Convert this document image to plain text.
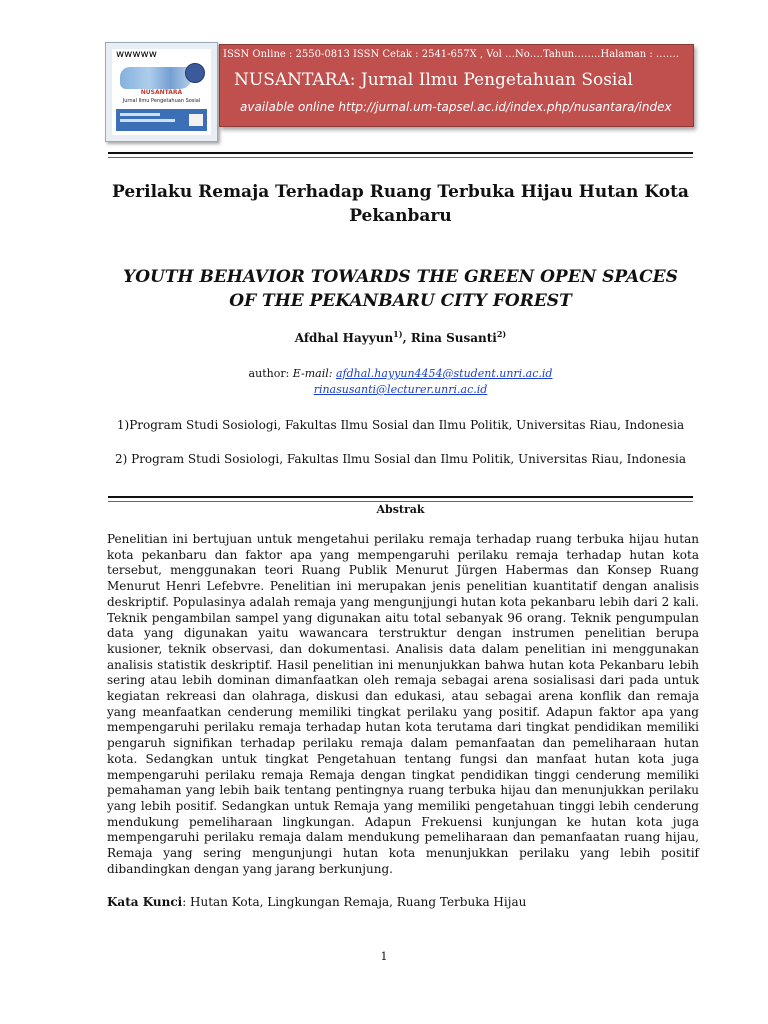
wwwww
NUSANTARA
Jurnal Ilmu Pengetahuan Sosial
ISSN Online : 2550-0813 ISSN Cetak : 2541-657X , Vol …No….Tahun……..Halaman : …….
NUSANTARA: Jurnal Ilmu Pengetahuan Sosial
available online http://jurnal.um-tapsel.ac.id/index.php/nusantara/index
Perilaku Remaja Terhadap Ruang Terbuka Hijau Hutan Kota Pekanbaru
YOUTH BEHAVIOR TOWARDS THE GREEN OPEN SPACES OF THE PEKANBARU CITY FOREST
Afdhal Hayyun$^{1)}$, Rina Susanti$^{2)}$
author: E-mail: afdhal.hayyun4454@student.unri.ac.id
rinasusanti@lecturer.unri.ac.id
1)Program Studi Sosiologi, Fakultas Ilmu Sosial dan Ilmu Politik, Universitas Riau, Indonesia
2) Program Studi Sosiologi, Fakultas Ilmu Sosial dan Ilmu Politik, Universitas Riau, Indonesia
Abstrak

Penelitian ini bertujuan untuk mengetahui perilaku remaja terhadap ruang terbuka hijau hutan kota pekanbaru dan faktor apa yang mempengaruhi perilaku remaja terhadap hutan kota tersebut, menggunakan teori Ruang Publik Menurut Jürgen Habermas dan Konsep Ruang Menurut Henri Lefebvre. Penelitian ini merupakan jenis penelitian kuantitatif dengan analisis deskriptif. Populasinya adalah remaja yang mengunjjungi hutan kota pekanbaru lebih dari 2 kali. Teknik pengambilan sampel yang digunakan aitu total sebanyak 96 orang. Teknik pengumpulan data yang digunakan yaitu wawancara terstruktur dengan instrumen penelitian berupa kusioner, teknik observasi, dan dokumentasi. Analisis data dalam penelitian ini menggunakan analisis statistik deskriptif. Hasil penelitian ini menunjukkan bahwa hutan kota Pekanbaru lebih sering atau lebih dominan dimanfaatkan oleh remaja sebagai arena sosialisasi dari pada untuk kegiatan rekreasi dan olahraga, diskusi dan edukasi, atau sebagai arena konflik dan remaja yang meanfaatkan cenderung memiliki tingkat perilaku yang positif. Adapun faktor apa yang mempengaruhi perilaku remaja terhadap hutan kota terutama dari tingkat pendidikan memiliki pengaruh signifikan terhadap perilaku remaja dalam pemanfaatan dan pemeliharaan hutan kota. Sedangkan untuk tingkat Pengetahuan tentang fungsi dan manfaat hutan kota juga mempengaruhi perilaku remaja Remaja dengan tingkat pendidikan tinggi cenderung memiliki pemahaman yang lebih baik tentang pentingnya ruang terbuka hijau dan menunjukkan perilaku yang lebih positif. Sedangkan untuk Remaja yang memiliki pengetahuan tinggi lebih cenderung mendukung pemeliharaan lingkungan. Adapun Frekuensi kunjungan ke hutan kota juga mempengaruhi perilaku remaja dalam mendukung pemeliharaan dan pemanfaatan ruang hijau, Remaja yang sering mengunjungi hutan kota menunjukkan perilaku yang lebih positif dibandingkan dengan yang jarang berkunjung.

Kata Kunci: Hutan Kota, Lingkungan Remaja, Ruang Terbuka Hijau
1
